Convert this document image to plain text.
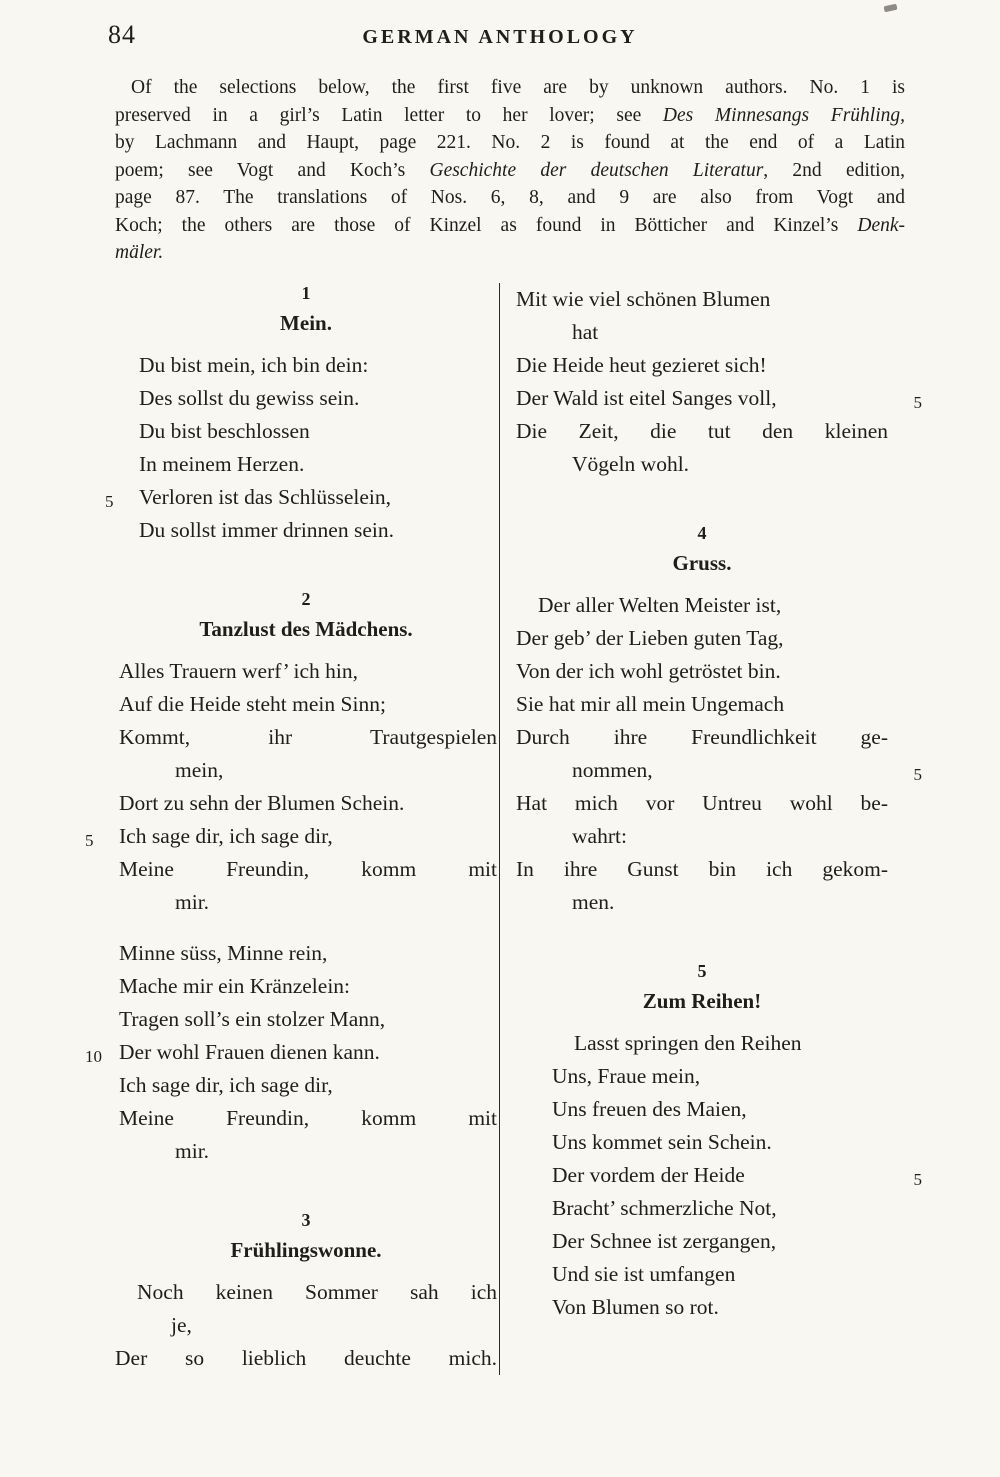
84	GERMAN ANTHOLOGY
Of the selections below, the first five are by unknown authors. No. 1 is
preserved in a girl’s Latin letter to her lover; see Des Minnesangs Frühling,
by Lachmann and Haupt, page 221. No. 2 is found at the end of a Latin
poem; see Vogt and Koch’s Geschichte der deutschen Literatur, 2nd edition,
page 87. The translations of Nos. 6, 8, and 9 are also from Vogt and
Koch; the others are those of Kinzel as found in Bötticher and Kinzel’s Denk-
mäler.
1
Mein.
Du bist mein, ich bin dein:
Des sollst du gewiss sein.
Du bist beschlossen
In meinem Herzen.
Verloren ist das Schlüsselein,
5
Du sollst immer drinnen sein.
2
Tanzlust des Mädchens.
Alles Trauern werf’ ich hin,
Auf die Heide steht mein Sinn;
Kommt, ihr Trautgespielen
mein,
Dort zu sehn der Blumen Schein.
Ich sage dir, ich sage dir,
5
Meine Freundin, komm mit
mir.
Minne süss, Minne rein,
Mache mir ein Kränzelein:
Tragen soll’s ein stolzer Mann,
Der wohl Frauen dienen kann.
10
Ich sage dir, ich sage dir,
Meine Freundin, komm mit
mir.
3
Frühlingswonne.
Noch keinen Sommer sah ich
je,
Der so lieblich deuchte mich.
Mit wie viel schönen Blumen
hat
Die Heide heut gezieret sich!
Der Wald ist eitel Sanges voll,	5
Die Zeit, die tut den kleinen
Vögeln wohl.
4
Gruss.
Der aller Welten Meister ist,
Der geb’ der Lieben guten Tag,
Von der ich wohl getröstet bin.
Sie hat mir all mein Ungemach
Durch ihre Freundlichkeit ge-
nommen,	5
Hat mich vor Untreu wohl be-
wahrt:
In ihre Gunst bin ich gekom-
men.
5
Zum Reihen!
Lasst springen den Reihen
Uns, Fraue mein,
Uns freuen des Maien,
Uns kommet sein Schein.
Der vordem der Heide	5
Bracht’ schmerzliche Not,
Der Schnee ist zergangen,
Und sie ist umfangen
Von Blumen so rot.
